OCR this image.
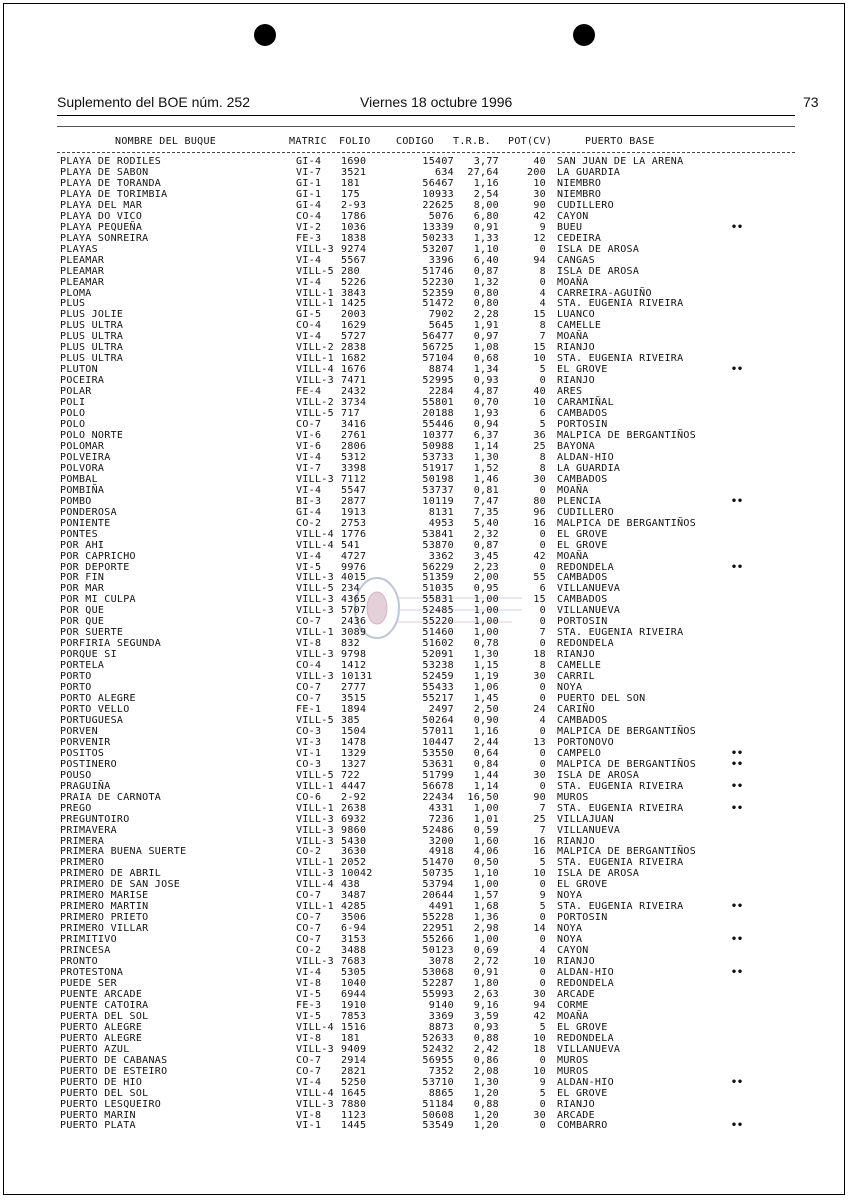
Suplemento del BOE núm. 252	Viernes 18 octubre 1996	73
NOMBRE DEL BUQUE	MATRIC FOLIO	CODIGO T.R.B. POT(CV)	PUERTO BASE
PLAYA DE RODILES	GI-4 1690	15407 3,77	40 SAN JUAN DE LA ARENA
PLAYA DE SABON	VI-7 3521	634 27,64	200 LA GUARDIA
PLAYA DE TORANDA	GI-1 181	56467 1,16	10 NIEMBRO
PLAYA DE TORIMBIA	GI-1 175	10933 2,54	30 NIEMBRO
PLAYA DEL MAR	GI-4 2-93	22625 8,00	90 CUDILLERO
PLAYA DO VICO	CO-4 1786	5076 6,80	42 CAYON
PLAYA PEQUEÑA	VI-2 1036	13339 0,91	9 BUEU	••
PLAYA SONREIRA	FE-3 1838	50233 1,33	12 CEDEIRA
PLAYAS	VILL-3 9274	53207 1,10	0 ISLA DE AROSA
PLEAMAR	VI-4 5567	3396 6,40	94 CANGAS
PLEAMAR	VILL-5 280	51746 0,87	8 ISLA DE AROSA
PLEAMAR	VI-4 5226	52230 1,32	0 MOAÑA
PLOMA	VILL-1 3843	52359 0,80	4 CARREIRA-AGUIÑO
PLUS	VILL-1 1425	51472 0,80	4 STA. EUGENIA RIVEIRA
PLUS JOLIE	GI-5 2003	7902 2,28	15 LUANCO
PLUS ULTRA	CO-4 1629	5645 1,91	8 CAMELLE
PLUS ULTRA	VI-4 5727	56477 0,97	7 MOAÑA
PLUS ULTRA	VILL-2 2838	56725 1,08	15 RIANJO
PLUS ULTRA	VILL-1 1682	57104 0,68	10 STA. EUGENIA RIVEIRA
PLUTON	VILL-4 1676	8874 1,34	5 EL GROVE	••
POCEIRA	VILL-3 7471	52995 0,93	0 RIANJO
POLAR	FE-4 2432	2284 4,87	40 ARES
POLI	VILL-2 3734	55801 0,70	10 CARAMIÑAL
POLO	VILL-5 717	20188 1,93	6 CAMBADOS
POLO	CO-7 3416	55446 0,94	5 PORTOSIN
POLO NORTE	VI-6 2761	10377 6,37	36 MALPICA DE BERGANTIÑOS
POLOMAR	VI-6 2806	50988 1,14	25 BAYONA
POLVEIRA	VI-4 5312	53733 1,30	8 ALDAN-HIO
POLVORA	VI-7 3398	51917 1,52	8 LA GUARDIA
POMBAL	VILL-3 7112	50198 1,46	30 CAMBADOS
POMBIÑA	VI-4 5547	53737 0,81	0 MOAÑA
POMBO	BI-3 2877	10119 7,47	80 PLENCIA	••
PONDEROSA	GI-4 1913	8131 7,35	96 CUDILLERO
PONIENTE	CO-2 2753	4953 5,40	16 MALPICA DE BERGANTIÑOS
PONTES	VILL-4 1776	53841 2,32	0 EL GROVE
POR AHI	VILL-4 541	53870 0,87	0 EL GROVE
POR CAPRICHO	VI-4 4727	3362 3,45	42 MOAÑA
POR DEPORTE	VI-5 9976	56229 2,23	0 REDONDELA	••
POR FIN	VILL-3 4015	51359 2,00	55 CAMBADOS
POR MAR	VILL-5 234	51035 0,95	6 VILLANUEVA
POR MI CULPA	VILL-3 4365	55831 1,00	15 CAMBADOS
POR QUE	VILL-3 5707	52485 1,00	0 VILLANUEVA
POR QUE	CO-7 2436	55220 1,00	0 PORTOSIN
POR SUERTE	VILL-1 3089	51460 1,00	7 STA. EUGENIA RIVEIRA
PORFIRIA SEGUNDA	VI-8 832	51602 0,78	0 REDONDELA
PORQUE SI	VILL-3 9798	52091 1,30	18 RIANJO
PORTELA	CO-4 1412	53238 1,15	8 CAMELLE
PORTO	VILL-3 10131	52459 1,19	30 CARRIL
PORTO	CO-7 2777	55433 1,06	0 NOYA
PORTO ALEGRE	CO-7 3515	55217 1,45	0 PUERTO DEL SON
PORTO VELLO	FE-1 1894	2497 2,50	24 CARIÑO
PORTUGUESA	VILL-5 385	50264 0,90	4 CAMBADOS
PORVEN	CO-3 1504	57011 1,16	0 MALPICA DE BERGANTIÑOS
PORVENIR	VI-3 1478	10447 2,44	13 PORTONOVO
POSITOS	VI-1 1329	53550 0,64	0 CAMPELO	••
POSTINERO	CO-3 1327	53631 0,84	0 MALPICA DE BERGANTIÑOS	••
POUSO	VILL-5 722	51799 1,44	30 ISLA DE AROSA
PRAGUIÑA	VILL-1 4447	56678 1,14	0 STA. EUGENIA RIVEIRA	••
PRAIA DE CARNOTA	CO-6 2-92	22434 16,50	90 MUROS
PREGO	VILL-1 2638	4331 1,00	7 STA. EUGENIA RIVEIRA	••
PREGUNTOIRO	VILL-3 6932	7236 1,01	25 VILLAJUAN
PRIMAVERA	VILL-3 9860	52486 0,59	7 VILLANUEVA
PRIMERA	VILL-3 5430	3200 1,60	16 RIANJO
PRIMERA BUENA SUERTE	CO-2 3630	4918 4,06	16 MALPICA DE BERGANTIÑOS
PRIMERO	VILL-1 2052	51470 0,50	5 STA. EUGENIA RIVEIRA
PRIMERO DE ABRIL	VILL-3 10042	50735 1,10	10 ISLA DE AROSA
PRIMERO DE SAN JOSE	VILL-4 438	53794 1,00	0 EL GROVE
PRIMERO MARISE	CO-7 3487	20644 1,57	9 NOYA
PRIMERO MARTIN	VILL-1 4285	4491 1,68	5 STA. EUGENIA RIVEIRA	••
PRIMERO PRIETO	CO-7 3506	55228 1,36	0 PORTOSIN
PRIMERO VILLAR	CO-7 6-94	22951 2,98	14 NOYA
PRIMITIVO	CO-7 3153	55266 1,00	0 NOYA	••
PRINCESA	CO-2 3488	50123 0,69	4 CAYON
PRONTO	VILL-3 7683	3078 2,72	10 RIANJO
PROTESTONA	VI-4 5305	53068 0,91	0 ALDAN-HIO	••
PUEDE SER	VI-8 1040	52287 1,80	0 REDONDELA
PUENTE ARCADE	VI-5 6944	55993 2,63	30 ARCADE
PUENTE CATOIRA	FE-3 1910	9140 9,16	94 CORME
PUERTA DEL SOL	VI-5 7853	3369 3,59	42 MOAÑA
PUERTO ALEGRE	VILL-4 1516	8873 0,93	5 EL GROVE
PUERTO ALEGRE	VI-8 181	52633 0,88	10 REDONDELA
PUERTO AZUL	VILL-3 9409	52432 2,42	18 VILLANUEVA
PUERTO DE CABANAS	CO-7 2914	56955 0,86	0 MUROS
PUERTO DE ESTEIRO	CO-7 2821	7352 2,08	10 MUROS
PUERTO DE HIO	VI-4 5250	53710 1,30	9 ALDAN-HIO	••
PUERTO DEL SOL	VILL-4 1645	8865 1,20	5 EL GROVE
PUERTO LESQUEIRO	VILL-3 7880	51184 0,88	0 RIANJO
PUERTO MARIN	VI-8 1123	50608 1,20	30 ARCADE
PUERTO PLATA	VI-1 1445	53549 1,20	0 COMBARRO	••
